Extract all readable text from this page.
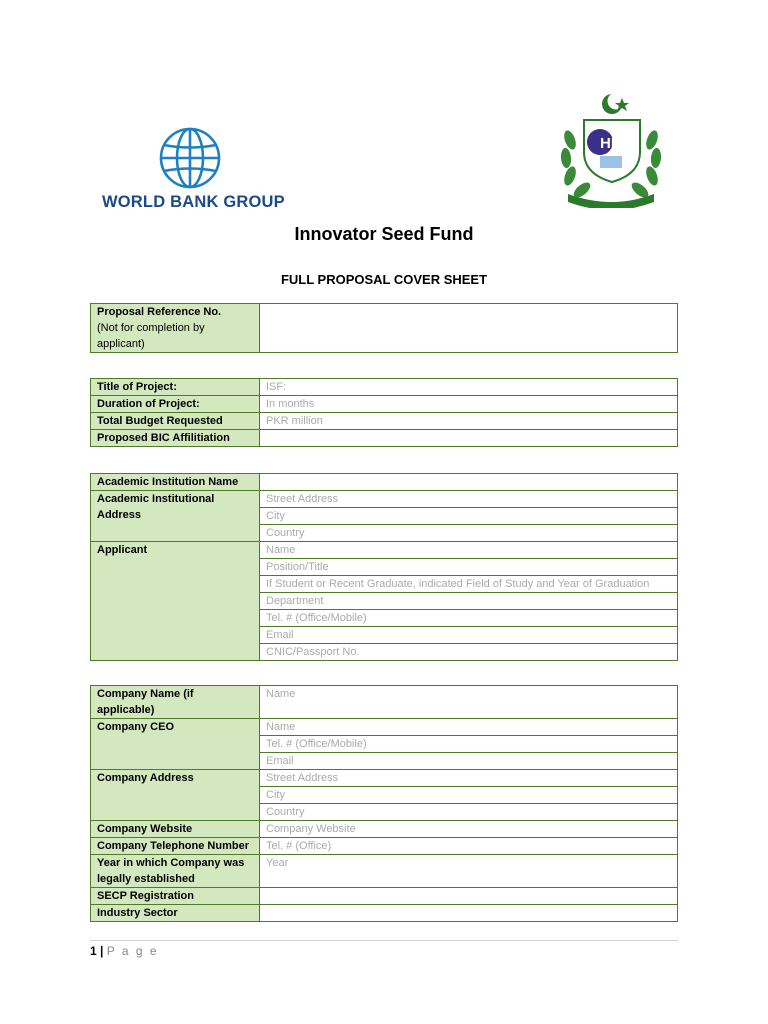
WORLD BANK GROUP
HEC
Innovator Seed Fund
FULL PROPOSAL COVER SHEET
Proposal Reference No.
(Not for completion by applicant)	
Title of Project:	ISF:
Duration of Project:	In months
Total Budget Requested	PKR million
Proposed BIC Affilitiation	
Academic Institution Name	
Academic Institutional Address	Street Address
	City
	Country
Applicant	Name
	Position/Title
	If Student or Recent Graduate, indicated Field of Study and Year of Graduation
	Department
	Tel. # (Office/Mobile)
	Email
	CNIC/Passport No.
Company Name (if applicable)	Name
Company CEO	Name
	Tel. # (Office/Mobile)
	Email
Company Address	Street Address
	City
	Country
Company Website	Company Website
Company Telephone Number	Tel. # (Office)
Year in which Company was legally established	Year
SECP Registration	
Industry Sector	
1 | P a g e
